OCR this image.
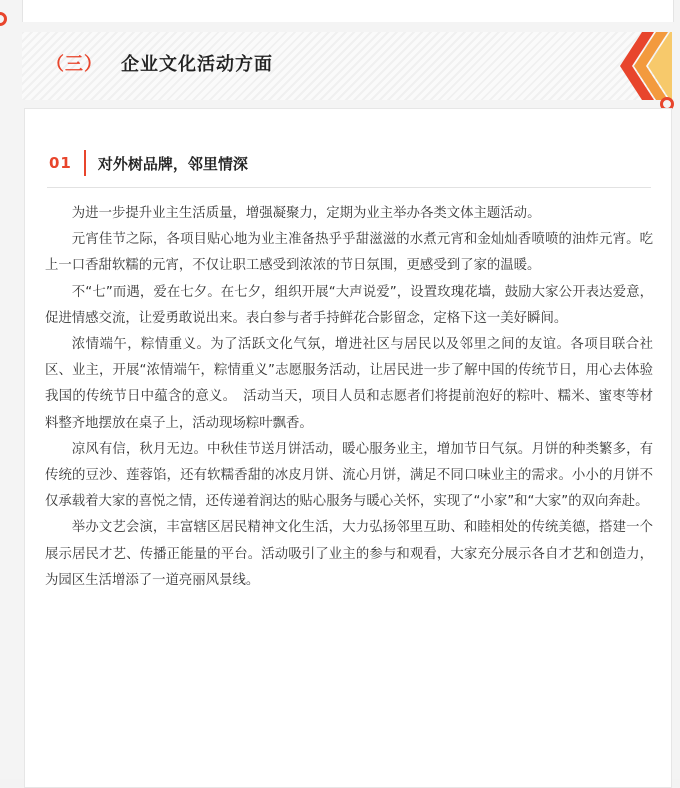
（三） 企业文化活动方面
01 对外树品牌，邻里情深

为进一步提升业主生活质量，增强凝聚力，定期为业主举办各类文体主题活动。

元宵佳节之际，各项目贴心地为业主准备热乎乎甜滋滋的水煮元宵和金灿灿香喷喷的油炸元宵。吃上一口香甜软糯的元宵，不仅让职工感受到浓浓的节日氛围，更感受到了家的温暖。

不“七”而遇，爱在七夕。在七夕，组织开展“大声说爱”，设置玫瑰花墙，鼓励大家公开表达爱意，促进情感交流，让爱勇敢说出来。表白参与者手持鲜花合影留念，定格下这一美好瞬间。

浓情端午，粽情重义。为了活跃文化气氛，增进社区与居民以及邻里之间的友谊。各项目联合社区、业主，开展“浓情端午，粽情重义”志愿服务活动，让居民进一步了解中国的传统节日，用心去体验我国的传统节日中蕴含的意义。　活动当天，项目人员和志愿者们将提前泡好的粽叶、糯米、蜜枣等材料整齐地摆放在桌子上，活动现场粽叶飘香。

凉风有信，秋月无边。中秋佳节送月饼活动，暖心服务业主，增加节日气氛。月饼的种类繁多，有传统的豆沙、莲蓉馅，还有软糯香甜的冰皮月饼、流心月饼，满足不同口味业主的需求。小小的月饼不仅承载着大家的喜悦之情，还传递着润达的贴心服务与暖心关怀，实现了“小家”和“大家”的双向奔赴。

举办文艺会演，丰富辖区居民精神文化生活，大力弘扬邻里互助、和睦相处的传统美德，搭建一个展示居民才艺、传播正能量的平台。活动吸引了业主的参与和观看，大家充分展示各自才艺和创造力，为园区生活增添了一道亮丽风景线。
